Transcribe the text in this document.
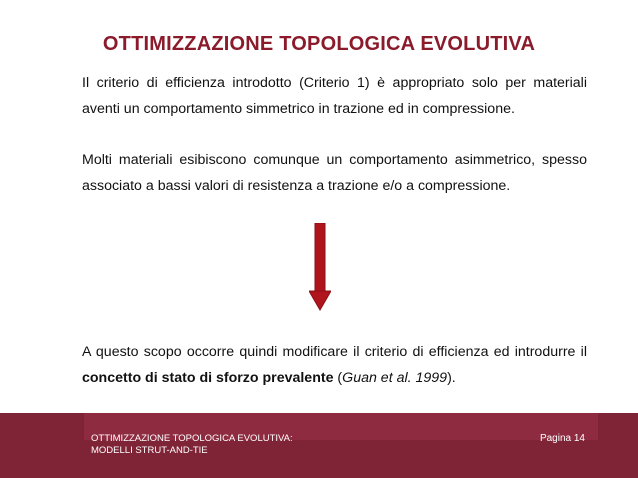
OTTIMIZZAZIONE TOPOLOGICA EVOLUTIVA

Il criterio di efficienza introdotto (Criterio 1) è appropriato solo per materiali aventi un comportamento simmetrico in trazione ed in compressione.

Molti materiali esibiscono comunque un comportamento asimmetrico, spesso associato a bassi valori di resistenza a trazione e/o a compressione.

A questo scopo occorre quindi modificare il criterio di efficienza ed introdurre il concetto di stato di sforzo prevalente (Guan et al. 1999).

OTTIMIZZAZIONE TOPOLOGICA EVOLUTIVA:
MODELLI STRUT-AND-TIE
Pagina 14
